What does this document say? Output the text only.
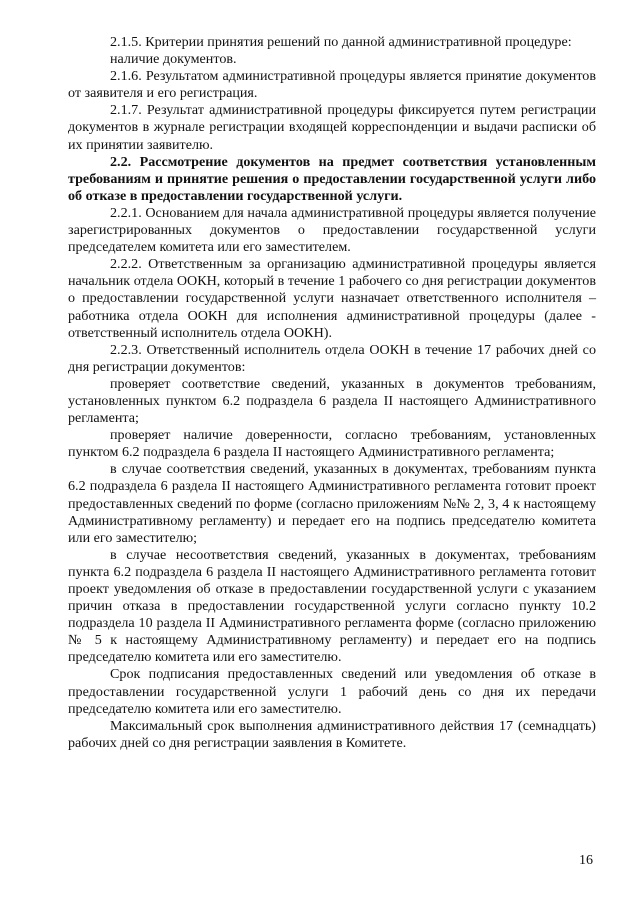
2.1.5. Критерии принятия решений по данной административной процедуре:

наличие документов.

2.1.6. Результатом административной процедуры является принятие документов от заявителя и его регистрация.

2.1.7. Результат административной процедуры фиксируется путем регистрации документов в журнале регистрации входящей корреспонденции и выдачи расписки об их принятии заявителю.

2.2. Рассмотрение документов на предмет соответствия установленным требованиям и принятие решения о предоставлении государственной услуги либо об отказе в предоставлении государственной услуги.

2.2.1. Основанием для начала административной процедуры является получение зарегистрированных документов о предоставлении государственной услуги председателем комитета или его заместителем.

2.2.2. Ответственным за организацию административной процедуры является начальник отдела ООКН, который в течение 1 рабочего со дня регистрации документов о предоставлении государственной услуги назначает ответственного исполнителя – работника отдела ООКН для исполнения административной процедуры (далее - ответственный исполнитель отдела ООКН).

2.2.3. Ответственный исполнитель отдела ООКН в течение 17 рабочих дней со дня регистрации документов:

проверяет соответствие сведений, указанных в документов требованиям, установленных пунктом 6.2 подраздела 6 раздела II настоящего Административного регламента;

проверяет наличие доверенности, согласно требованиям, установленных пунктом 6.2 подраздела 6 раздела II настоящего Административного регламента;

в случае соответствия сведений, указанных в документах, требованиям пункта 6.2 подраздела 6 раздела II настоящего Административного регламента готовит проект предоставленных сведений по форме (согласно приложениям №№ 2, 3, 4 к настоящему Административному регламенту) и передает его на подпись председателю комитета или его заместителю;

в случае несоответствия сведений, указанных в документах, требованиям пункта 6.2 подраздела 6 раздела II настоящего Административного регламента готовит проект уведомления об отказе в предоставлении государственной услуги с указанием причин отказа в предоставлении государственной услуги согласно пункту 10.2 подраздела 10 раздела II Административного регламента форме (согласно приложению № 5 к настоящему Административному регламенту) и передает его на подпись председателю комитета или его заместителю.

Срок подписания предоставленных сведений или уведомления об отказе в предоставлении государственной услуги 1 рабочий день со дня их передачи председателю комитета или его заместителю.

Максимальный срок выполнения административного действия 17 (семнадцать) рабочих дней со дня регистрации заявления в Комитете.

16
